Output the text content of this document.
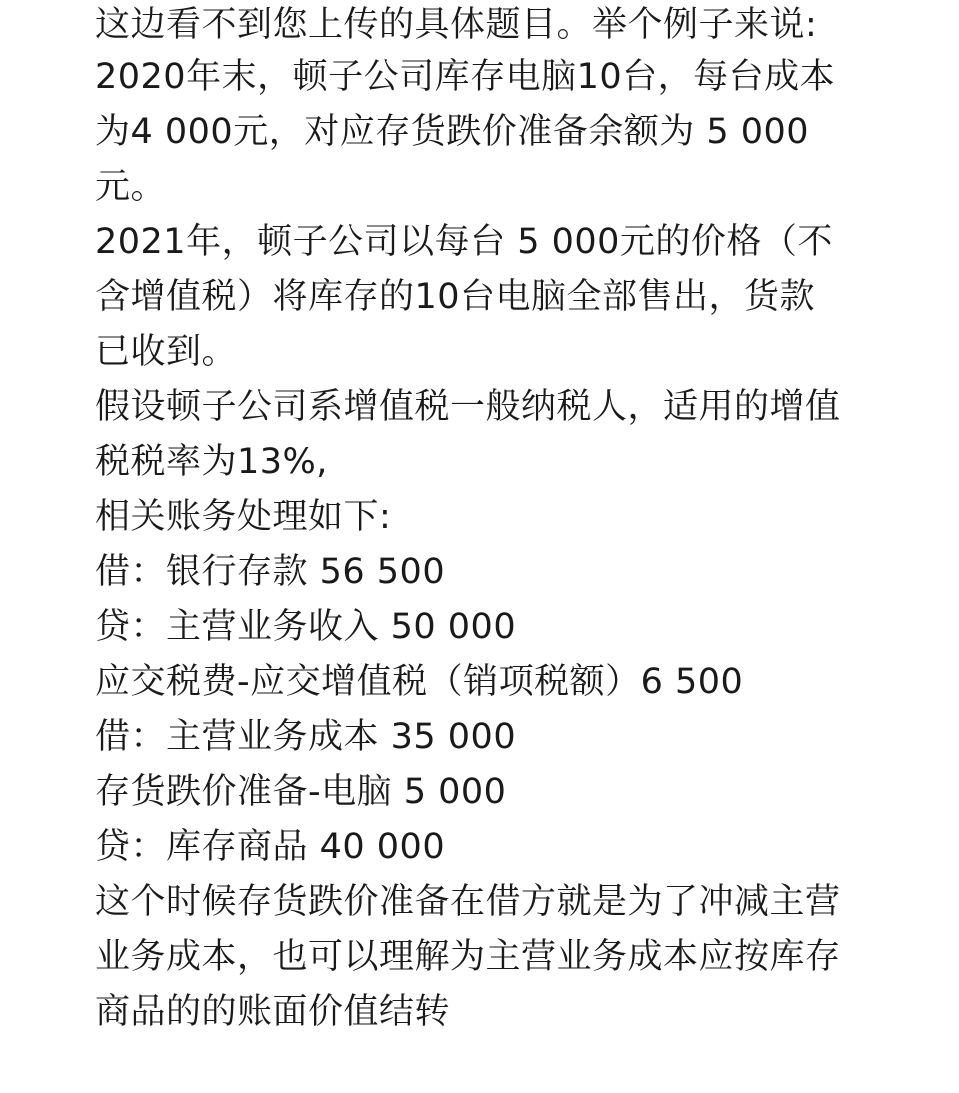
这边看不到您上传的具体题目。举个例子来说:
2020年末，顿子公司库存电脑10台，每台成本
为4 000元，对应存货跌价准备余额为 5 000
元。
2021年，顿子公司以每台 5 000元的价格（不
含增值税）将库存的10台电脑全部售出，货款
已收到。
假设顿子公司系增值税一般纳税人，适用的增值
税税率为13%,
相关账务处理如下:
借：银行存款 56 500
贷：主营业务收入 50 000
应交税费-应交增值税（销项税额）6 500
借：主营业务成本 35 000
存货跌价准备-电脑 5 000
贷：库存商品 40 000
这个时候存货跌价准备在借方就是为了冲减主营
业务成本，也可以理解为主营业务成本应按库存
商品的的账面价值结转
